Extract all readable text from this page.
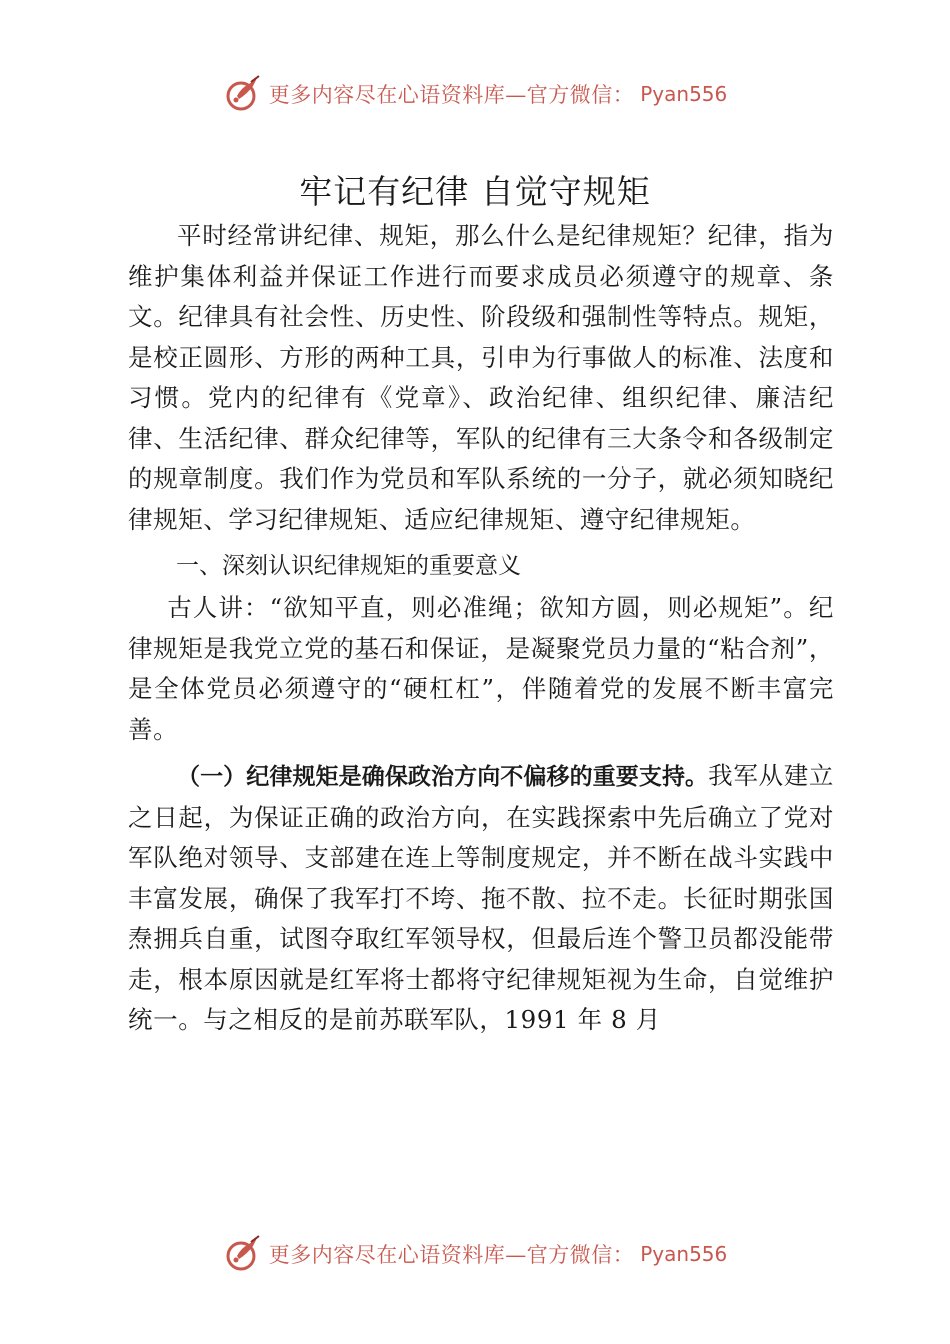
更多内容尽在心语资料库—官方微信： Pyan556
牢记有纪律 自觉守规矩

平时经常讲纪律、规矩，那么什么是纪律规矩？纪律，指为维护集体利益并保证工作进行而要求成员必须遵守的规章、条文。纪律具有社会性、历史性、阶段级和强制性等特点。规矩，是校正圆形、方形的两种工具，引申为行事做人的标准、法度和习惯。党内的纪律有《党章》、政治纪律、组织纪律、廉洁纪律、生活纪律、群众纪律等，军队的纪律有三大条令和各级制定的规章制度。我们作为党员和军队系统的一分子，就必须知晓纪律规矩、学习纪律规矩、适应纪律规矩、遵守纪律规矩。

一、深刻认识纪律规矩的重要意义

古人讲：“欲知平直，则必准绳；欲知方圆，则必规矩”。纪律规矩是我党立党的基石和保证，是凝聚党员力量的“粘合剂”，是全体党员必须遵守的“硬杠杠”，伴随着党的发展不断丰富完善。

（一）纪律规矩是确保政治方向不偏移的重要支持。我军从建立之日起，为保证正确的政治方向，在实践探索中先后确立了党对军队绝对领导、支部建在连上等制度规定，并不断在战斗实践中丰富发展，确保了我军打不垮、拖不散、拉不走。长征时期张国焘拥兵自重，试图夺取红军领导权，但最后连个警卫员都没能带走，根本原因就是红军将士都将守纪律规矩视为生命，自觉维护统一。与之相反的是前苏联军队，1991 年 8 月

更多内容尽在心语资料库—官方微信： Pyan556
